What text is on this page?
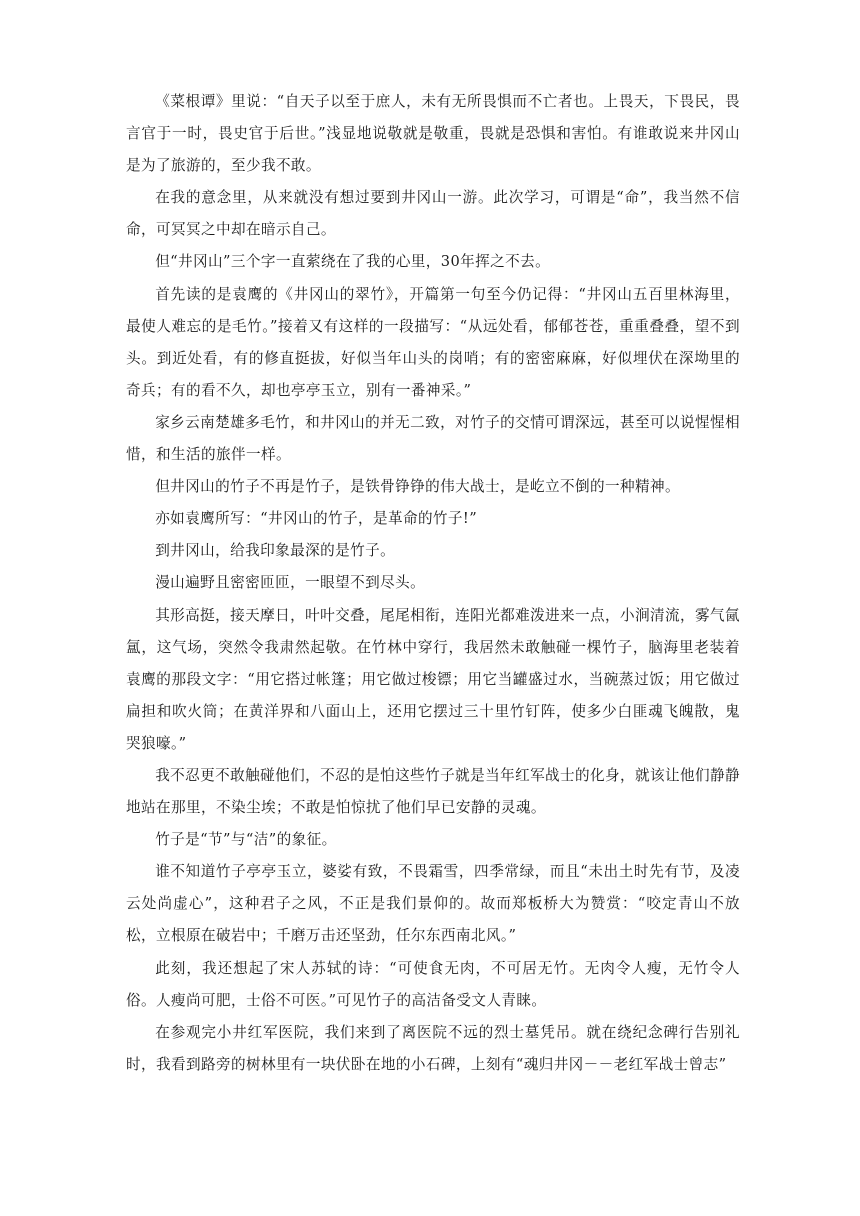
《菜根谭》里说：“自天子以至于庶人，未有无所畏惧而不亡者也。上畏天，下畏民，畏言官于一时，畏史官于后世。”浅显地说敬就是敬重，畏就是恐惧和害怕。有谁敢说来井冈山是为了旅游的，至少我不敢。

在我的意念里，从来就没有想过要到井冈山一游。此次学习，可谓是“命”，我当然不信命，可冥冥之中却在暗示自己。

但“井冈山”三个字一直萦绕在了我的心里，30年挥之不去。

首先读的是袁鹰的《井冈山的翠竹》，开篇第一句至今仍记得：“井冈山五百里林海里，最使人难忘的是毛竹。”接着又有这样的一段描写：“从远处看，郁郁苍苍，重重叠叠，望不到头。到近处看，有的修直挺拔，好似当年山头的岗哨；有的密密麻麻，好似埋伏在深坳里的奇兵；有的看不久，却也亭亭玉立，别有一番神采。”

家乡云南楚雄多毛竹，和井冈山的并无二致，对竹子的交情可谓深远，甚至可以说惺惺相惜，和生活的旅伴一样。

但井冈山的竹子不再是竹子，是铁骨铮铮的伟大战士，是屹立不倒的一种精神。

亦如袁鹰所写：“井冈山的竹子，是革命的竹子!”

到井冈山，给我印象最深的是竹子。

漫山遍野且密密匝匝，一眼望不到尽头。

其形高挺，接天摩日，叶叶交叠，尾尾相衔，连阳光都难泼进来一点，小涧清流，雾气氤氲，这气场，突然令我肃然起敬。在竹林中穿行，我居然未敢触碰一棵竹子，脑海里老装着袁鹰的那段文字：“用它搭过帐篷；用它做过梭镖；用它当罐盛过水，当碗蒸过饭；用它做过扁担和吹火筒；在黄洋界和八面山上，还用它摆过三十里竹钉阵，使多少白匪魂飞魄散，鬼哭狼嚎。”

我不忍更不敢触碰他们，不忍的是怕这些竹子就是当年红军战士的化身，就该让他们静静地站在那里，不染尘埃；不敢是怕惊扰了他们早已安静的灵魂。

竹子是“节”与“洁”的象征。

谁不知道竹子亭亭玉立，婆娑有致，不畏霜雪，四季常绿，而且“未出土时先有节，及凌云处尚虚心”，这种君子之风，不正是我们景仰的。故而郑板桥大为赞赏：“咬定青山不放松，立根原在破岩中；千磨万击还坚劲，任尔东西南北风。”

此刻，我还想起了宋人苏轼的诗：“可使食无肉，不可居无竹。无肉令人瘦，无竹令人俗。人瘦尚可肥，士俗不可医。”可见竹子的高洁备受文人青睐。

在参观完小井红军医院，我们来到了离医院不远的烈士墓凭吊。就在绕纪念碑行告别礼时，我看到路旁的树林里有一块伏卧在地的小石碑，上刻有“魂归井冈－－老红军战士曾志”
